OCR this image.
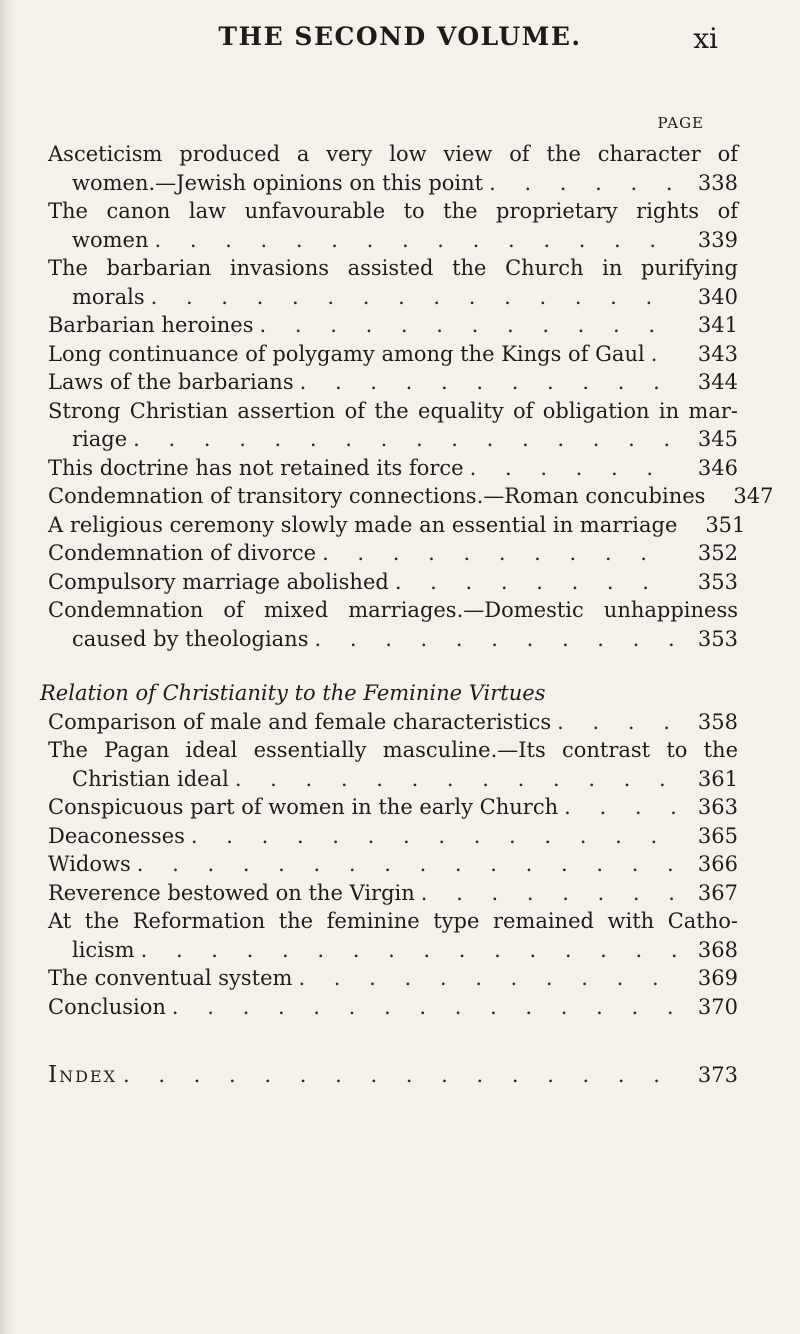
THE SECOND VOLUME.	xi
PAGE
Asceticism produced a very low view of the character of
women.—Jewish opinions on this point . . .	338
The canon law unfavourable to the proprietary rights of
women . . .	339
The barbarian invasions assisted the Church in purifying
morals . . .	340
Barbarian heroines . . .	341
Long continuance of polygamy among the Kings of Gaul . . .	343
Laws of the barbarians . . .	344
Strong Christian assertion of the equality of obligation in mar-
riage . . .	345
This doctrine has not retained its force . . .	346
Condemnation of transitory connections.—Roman concubines	347
A religious ceremony slowly made an essential in marriage	351
Condemnation of divorce . . .	352
Compulsory marriage abolished . . .	353
Condemnation of mixed marriages.—Domestic unhappiness
caused by theologians . . .	353
Relation of Christianity to the Feminine Virtues
Comparison of male and female characteristics . . .	358
The Pagan ideal essentially masculine.—Its contrast to the
Christian ideal . . .	361
Conspicuous part of women in the early Church . . .	363
Deaconesses . . .	365
Widows . . .	366
Reverence bestowed on the Virgin . . .	367
At the Reformation the feminine type remained with Catho-
licism . . .	368
The conventual system . . .	369
Conclusion . . .	370
Index . . .	373
